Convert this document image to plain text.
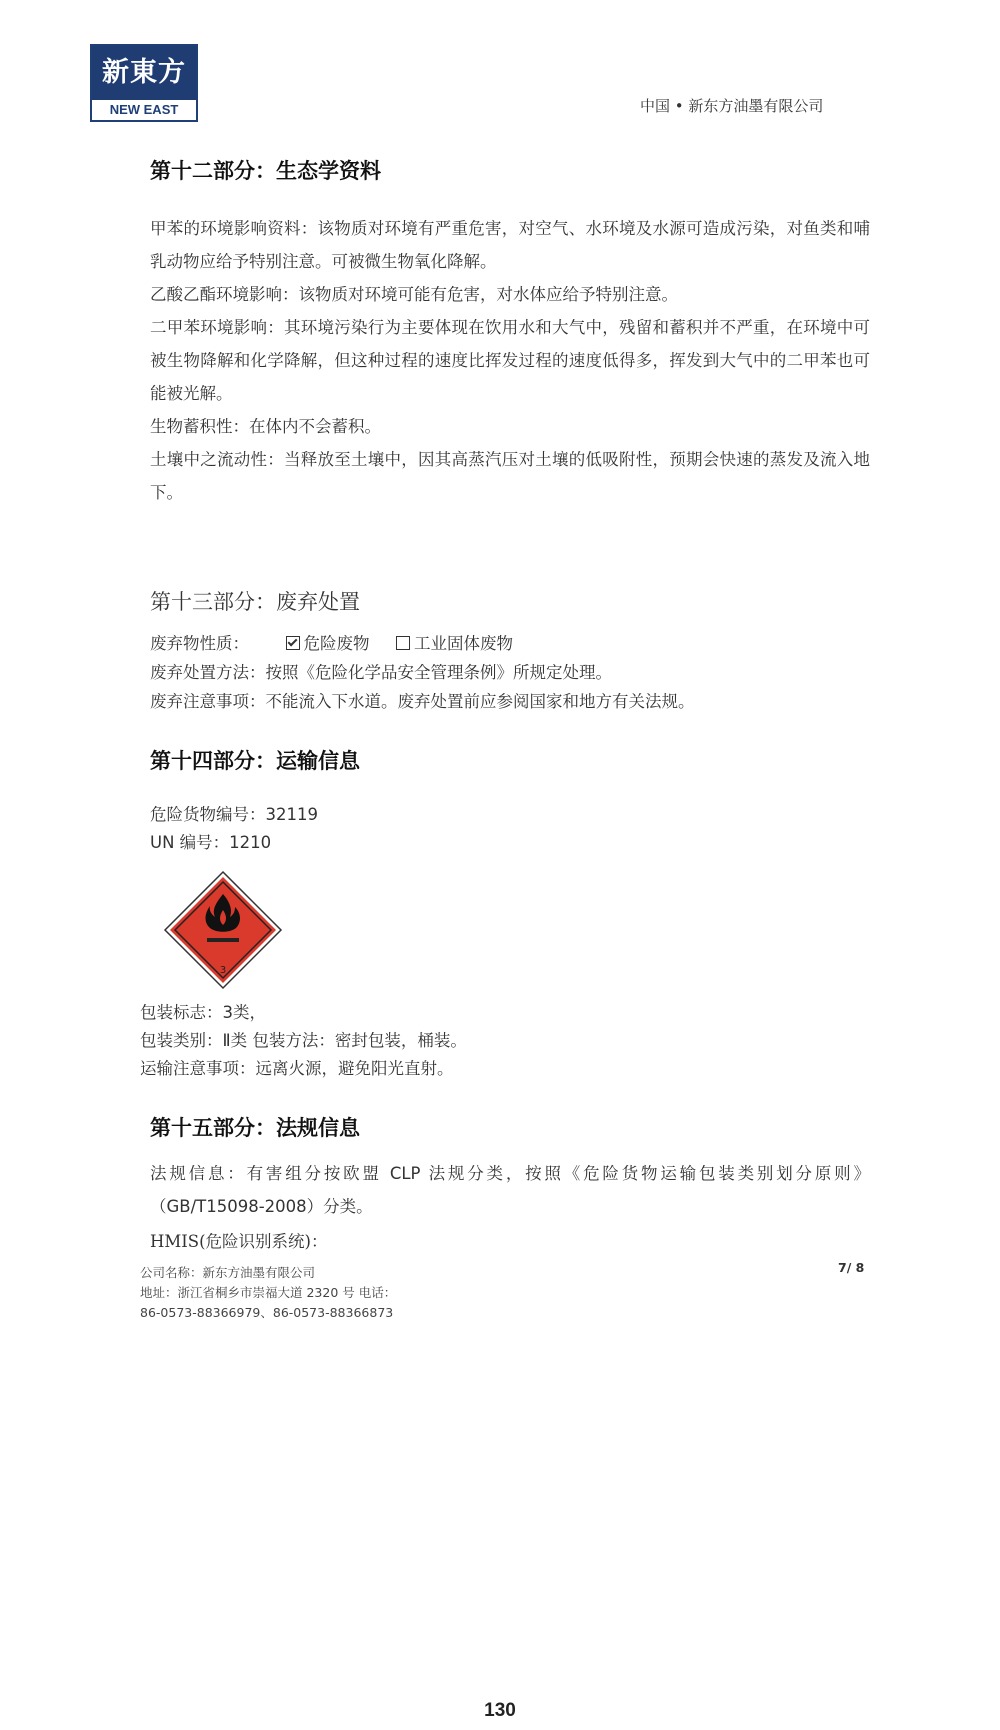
新東方
NEW EAST	中国 • 新东方油墨有限公司
第十二部分：生态学资料
甲苯的环境影响资料：该物质对环境有严重危害，对空气、水环境及水源可造成污染，对鱼类和哺乳动物应给予特别注意。可被微生物氧化降解。
乙酸乙酯环境影响：该物质对环境可能有危害，对水体应给予特别注意。
二甲苯环境影响：其环境污染行为主要体现在饮用水和大气中，残留和蓄积并不严重，在环境中可被生物降解和化学降解，但这种过程的速度比挥发过程的速度低得多，挥发到大气中的二甲苯也可能被光解。
生物蓄积性：在体内不会蓄积。
土壤中之流动性：当释放至土壤中，因其高蒸汽压对土壤的低吸附性，预期会快速的蒸发及流入地下。
第十三部分：废弃处置
废弃物性质：	危险废物	工业固体废物
废弃处置方法：按照《危险化学品安全管理条例》所规定处理。
废弃注意事项：不能流入下水道。废弃处置前应参阅国家和地方有关法规。
第十四部分：运输信息
危险货物编号：32119
UN 编号：1210
3
包装标志：3类，
包装类别：Ⅱ类 包装方法：密封包装，桶装。
运输注意事项：远离火源，避免阳光直射。
第十五部分：法规信息
法规信息：有害组分按欧盟 CLP 法规分类，按照《危险货物运输包装类别划分原则》（GB/T15098-2008）分类。
HMIS(危险识别系统)：
公司名称：新东方油墨有限公司
地址：浙江省桐乡市崇福大道 2320 号 电话：
86-0573-88366979、86-0573-88366873
7/ 8
130
